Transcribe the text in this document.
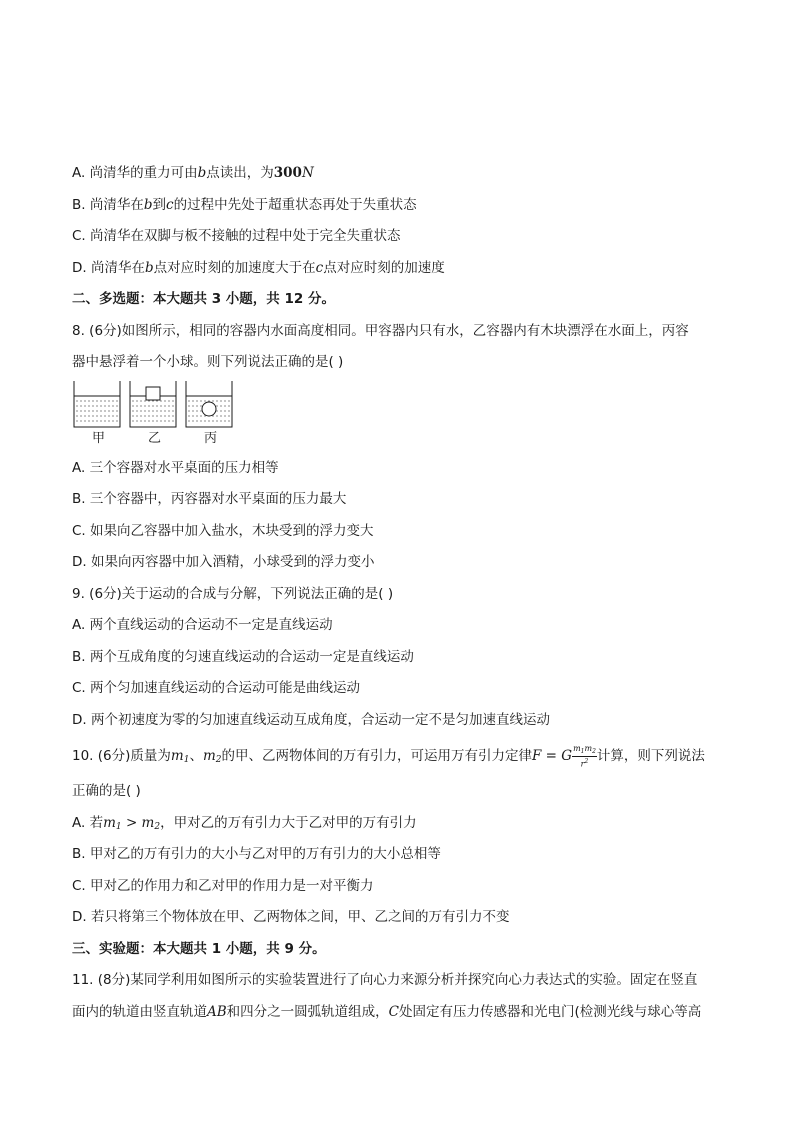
A. 尚清华的重力可由b点读出，为300N
B. 尚清华在b到c的过程中先处于超重状态再处于失重状态
C. 尚清华在双脚与板不接触的过程中处于完全失重状态
D. 尚清华在b点对应时刻的加速度大于在c点对应时刻的加速度
二、多选题：本大题共 3 小题，共 12 分。
8. (6分)如图所示，相同的容器内水面高度相同。甲容器内只有水，乙容器内有木块漂浮在水面上，丙容
器中悬浮着一个小球。则下列说法正确的是( )
甲	乙	丙
A. 三个容器对水平桌面的压力相等
B. 三个容器中，丙容器对水平桌面的压力最大
C. 如果向乙容器中加入盐水，木块受到的浮力变大
D. 如果向丙容器中加入酒精，小球受到的浮力变小
9. (6分)关于运动的合成与分解，下列说法正确的是( )
A. 两个直线运动的合运动不一定是直线运动
B. 两个互成角度的匀速直线运动的合运动一定是直线运动
C. 两个匀加速直线运动的合运动可能是曲线运动
D. 两个初速度为零的匀加速直线运动互成角度，合运动一定不是匀加速直线运动
10. (6分)质量为$m_1$、$m_2$的甲、乙两物体间的万有引力，可运用万有引力定律F = G $\frac{m_1m_2}{r^2}$ 计算，则下列说法
正确的是( )
A. 若$m_1 > m_2$，甲对乙的万有引力大于乙对甲的万有引力
B. 甲对乙的万有引力的大小与乙对甲的万有引力的大小总相等
C. 甲对乙的作用力和乙对甲的作用力是一对平衡力
D. 若只将第三个物体放在甲、乙两物体之间，甲、乙之间的万有引力不变
三、实验题：本大题共 1 小题，共 9 分。
11. (8分)某同学利用如图所示的实验装置进行了向心力来源分析并探究向心力表达式的实验。固定在竖直
面内的轨道由竖直轨道AB和四分之一圆弧轨道组成，C处固定有压力传感器和光电门(检测光线与球心等高
